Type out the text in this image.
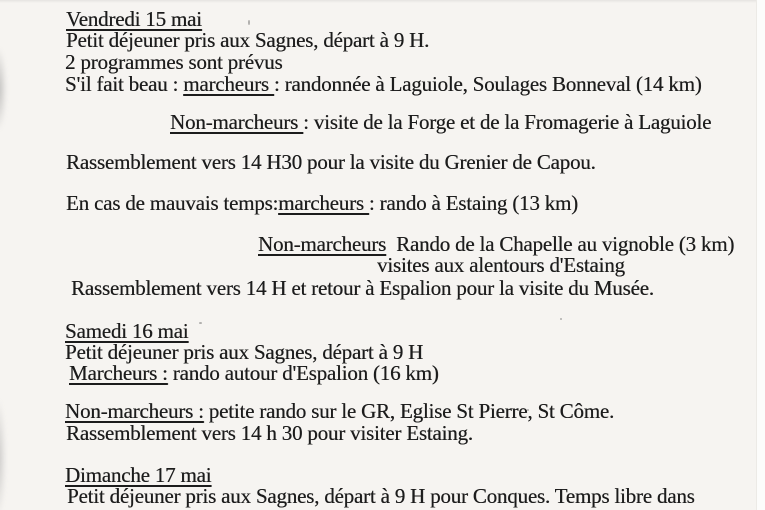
Vendredi 15 mai
Petit déjeuner pris aux Sagnes, départ à 9 H.
2 programmes sont prévus
S'il fait beau : marcheurs : randonnée à Laguiole, Soulages Bonneval (14 km)
Non-marcheurs : visite de la Forge et de la Fromagerie à Laguiole
Rassemblement vers 14 H30 pour la visite du Grenier de Capou.
En cas de mauvais temps:marcheurs : rando à Estaing (13 km)
Non-marcheurs  Rando de la Chapelle au vignoble (3 km)
visites aux alentours d'Estaing
Rassemblement vers 14 H et retour à Espalion pour la visite du Musée.
Samedi 16 mai
Petit déjeuner pris aux Sagnes, départ à 9 H
Marcheurs : rando autour d'Espalion (16 km)
Non-marcheurs : petite rando sur le GR, Eglise St Pierre, St Côme.
Rassemblement vers 14 h 30 pour visiter Estaing.
Dimanche 17 mai
Petit déjeuner pris aux Sagnes, départ à 9 H pour Conques. Temps libre dans
